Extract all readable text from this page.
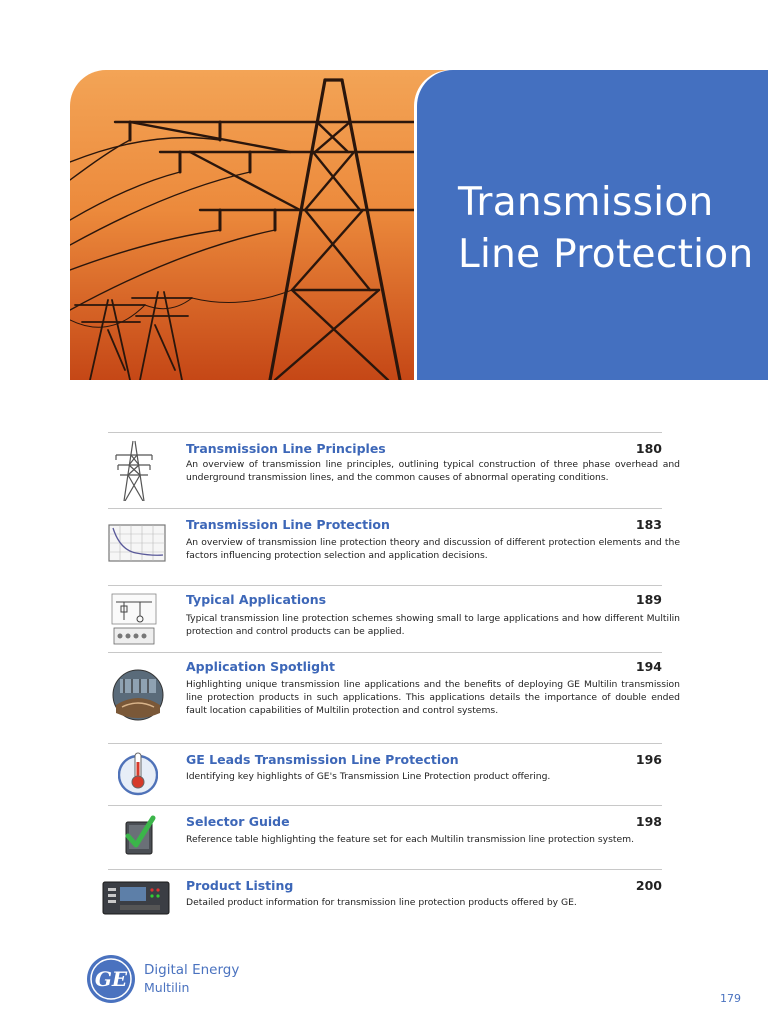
Transmission
Line Protection
Transmission Line Principles	180
An overview of transmission line principles, outlining typical construction of three phase overhead and underground transmission lines, and the common causes of abnormal operating conditions.
Transmission Line Protection	183
An overview of transmission line protection theory and discussion of different protection elements and the factors influencing protection selection and application decisions.
Typical Applications	189
Typical transmission line protection schemes showing small to large applications and how different Multilin protection and control products can be applied.
Application Spotlight	194
Highlighting unique transmission line applications and the benefits of deploying GE Multilin transmission line protection products in such applications. This applications details the importance of double ended fault location capabilities of Multilin protection and control systems.
GE Leads Transmission Line Protection	196
Identifying key highlights of GE's Transmission Line Protection product offering.
Selector Guide	198
Reference table highlighting the feature set for each Multilin transmission line protection system.
Product Listing	200
Detailed product information for transmission line protection products offered by GE.
GE Digital Energy
Multilin
179
